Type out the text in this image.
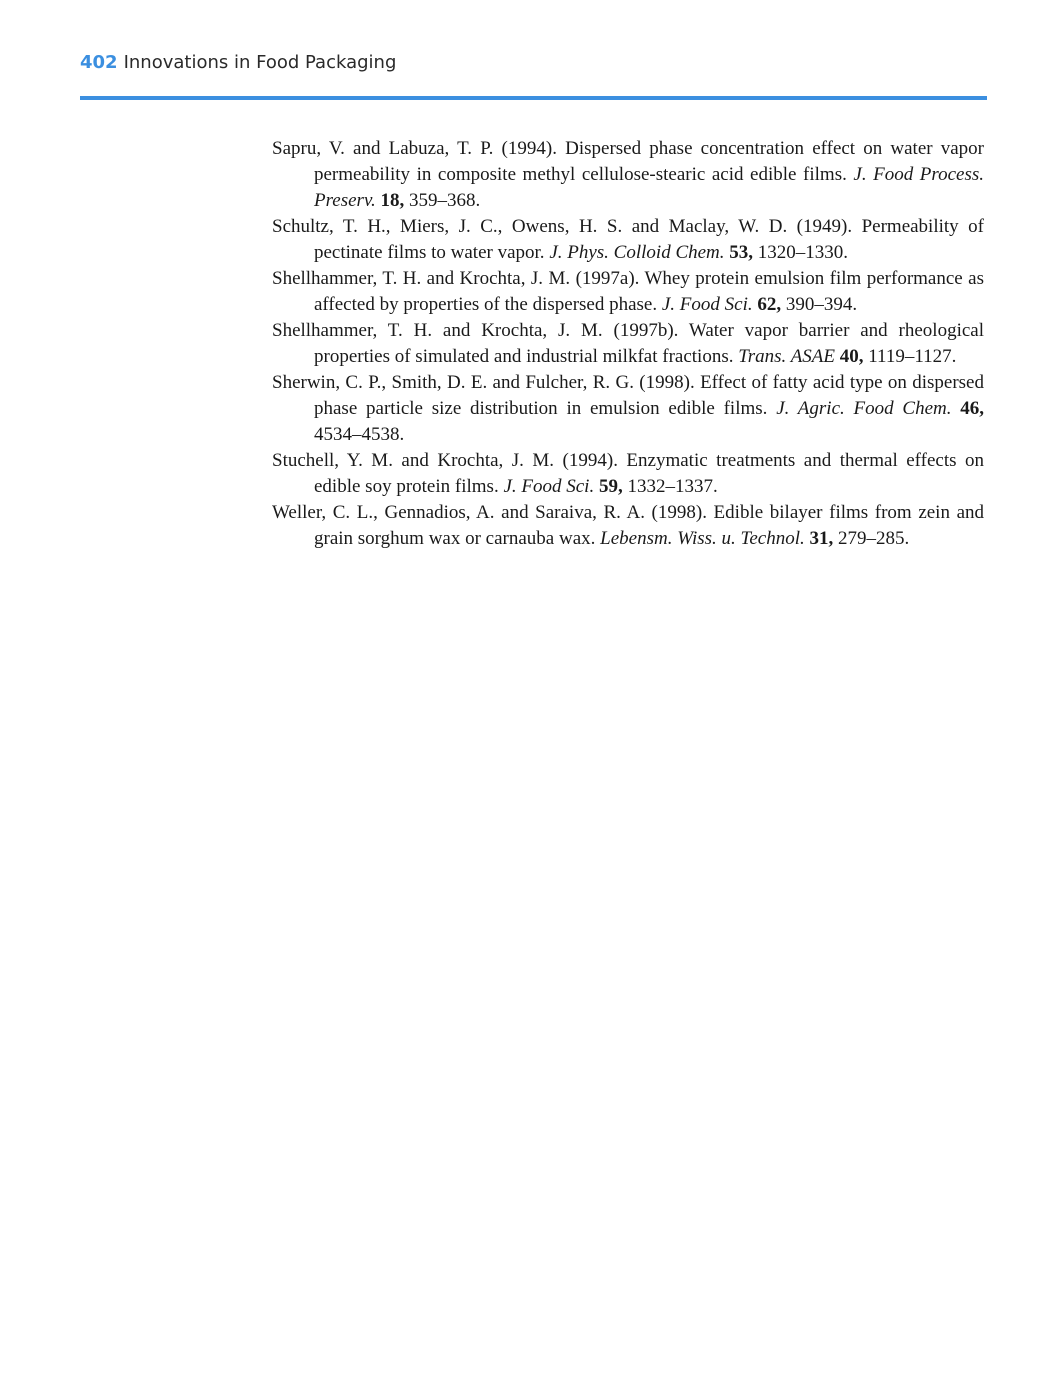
402 Innovations in Food Packaging

Sapru, V. and Labuza, T. P. (1994). Dispersed phase concentration effect on water vapor permeability in composite methyl cellulose-stearic acid edible films. J. Food Process. Preserv. 18, 359–368.

Schultz, T. H., Miers, J. C., Owens, H. S. and Maclay, W. D. (1949). Permeability of pectinate films to water vapor. J. Phys. Colloid Chem. 53, 1320–1330.

Shellhammer, T. H. and Krochta, J. M. (1997a). Whey protein emulsion film performance as affected by properties of the dispersed phase. J. Food Sci. 62, 390–394.

Shellhammer, T. H. and Krochta, J. M. (1997b). Water vapor barrier and rheological properties of simulated and industrial milkfat fractions. Trans. ASAE 40, 1119–1127.

Sherwin, C. P., Smith, D. E. and Fulcher, R. G. (1998). Effect of fatty acid type on dispersed phase particle size distribution in emulsion edible films. J. Agric. Food Chem. 46, 4534–4538.

Stuchell, Y. M. and Krochta, J. M. (1994). Enzymatic treatments and thermal effects on edible soy protein films. J. Food Sci. 59, 1332–1337.

Weller, C. L., Gennadios, A. and Saraiva, R. A. (1998). Edible bilayer films from zein and grain sorghum wax or carnauba wax. Lebensm. Wiss. u. Technol. 31, 279–285.
